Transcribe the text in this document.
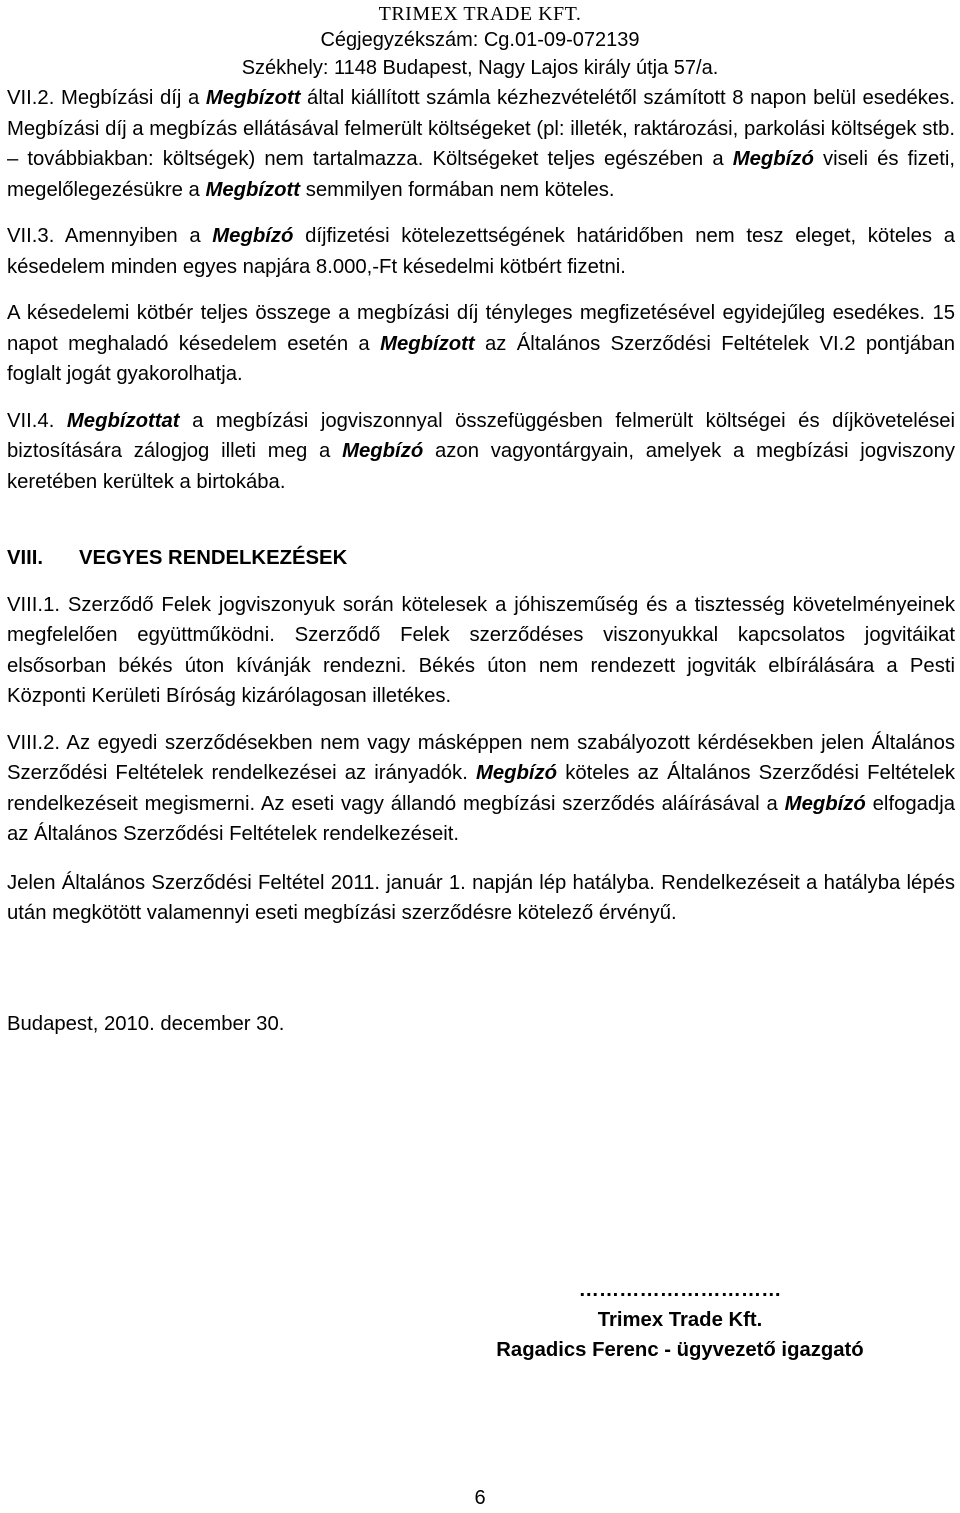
TRIMEX TRADE KFT.
Cégjegyzékszám: Cg.01-09-072139
Székhely: 1148 Budapest, Nagy Lajos király útja 57/a.

VII.2. Megbízási díj a Megbízott által kiállított számla kézhezvételétől számított 8 napon belül esedékes. Megbízási díj a megbízás ellátásával felmerült költségeket (pl: illeték, raktározási, parkolási költségek stb. – továbbiakban: költségek) nem tartalmazza. Költségeket teljes egészében a Megbízó viseli és fizeti, megelőlegezésükre a Megbízott semmilyen formában nem köteles.

VII.3. Amennyiben a Megbízó díjfizetési kötelezettségének határidőben nem tesz eleget, köteles a késedelem minden egyes napjára 8.000,-Ft késedelmi kötbért fizetni.

A késedelemi kötbér teljes összege a megbízási díj tényleges megfizetésével egyidejűleg esedékes. 15 napot meghaladó késedelem esetén a Megbízott az Általános Szerződési Feltételek VI.2 pontjában foglalt jogát gyakorolhatja.

VII.4. Megbízottat a megbízási jogviszonnyal összefüggésben felmerült költségei és díjkövetelései biztosítására zálogjog illeti meg a Megbízó azon vagyontárgyain, amelyek a megbízási jogviszony keretében kerültek a birtokába.

VIII. VEGYES RENDELKEZÉSEK

VIII.1. Szerződő Felek jogviszonyuk során kötelesek a jóhiszeműség és a tisztesség követelményeinek megfelelően együttműködni. Szerződő Felek szerződéses viszonyukkal kapcsolatos jogvitáikat elsősorban békés úton kívánják rendezni. Békés úton nem rendezett jogviták elbírálására a Pesti Központi Kerületi Bíróság kizárólagosan illetékes.

VIII.2. Az egyedi szerződésekben nem vagy másképpen nem szabályozott kérdésekben jelen Általános Szerződési Feltételek rendelkezései az irányadók. Megbízó köteles az Általános Szerződési Feltételek rendelkezéseit megismerni. Az eseti vagy állandó megbízási szerződés aláírásával a Megbízó elfogadja az Általános Szerződési Feltételek rendelkezéseit.

Jelen Általános Szerződési Feltétel 2011. január 1. napján lép hatályba. Rendelkezéseit a hatályba lépés után megkötött valamennyi eseti megbízási szerződésre kötelező érvényű.

Budapest, 2010. december 30.

…………………………
Trimex Trade Kft.
Ragadics Ferenc - ügyvezető igazgató
6
